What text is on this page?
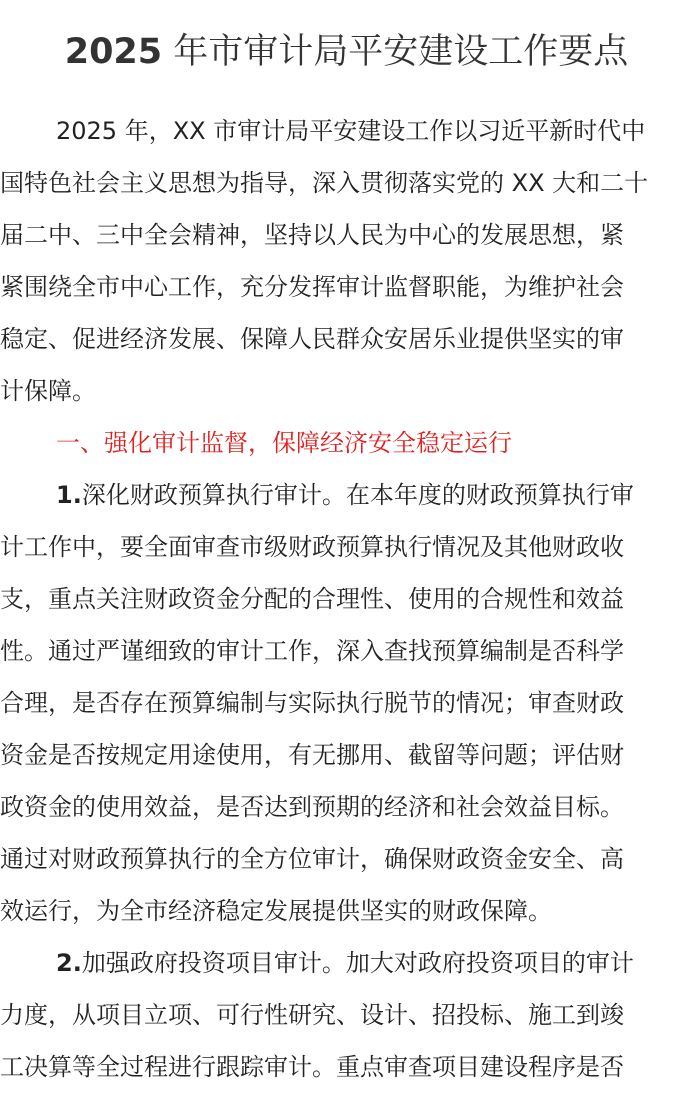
2025 年市审计局平安建设工作要点
2025 年，XX 市审计局平安建设工作以习近平新时代中
国特色社会主义思想为指导，深入贯彻落实党的 XX 大和二十
届二中、三中全会精神，坚持以人民为中心的发展思想，紧
紧围绕全市中心工作，充分发挥审计监督职能，为维护社会
稳定、促进经济发展、保障人民群众安居乐业提供坚实的审
计保障。
一、强化审计监督，保障经济安全稳定运行
1.深化财政预算执行审计。在本年度的财政预算执行审
计工作中，要全面审查市级财政预算执行情况及其他财政收
支，重点关注财政资金分配的合理性、使用的合规性和效益
性。通过严谨细致的审计工作，深入查找预算编制是否科学
合理，是否存在预算编制与实际执行脱节的情况；审查财政
资金是否按规定用途使用，有无挪用、截留等问题；评估财
政资金的使用效益，是否达到预期的经济和社会效益目标。
通过对财政预算执行的全方位审计，确保财政资金安全、高
效运行，为全市经济稳定发展提供坚实的财政保障。
2.加强政府投资项目审计。加大对政府投资项目的审计
力度，从项目立项、可行性研究、设计、招投标、施工到竣
工决算等全过程进行跟踪审计。重点审查项目建设程序是否
